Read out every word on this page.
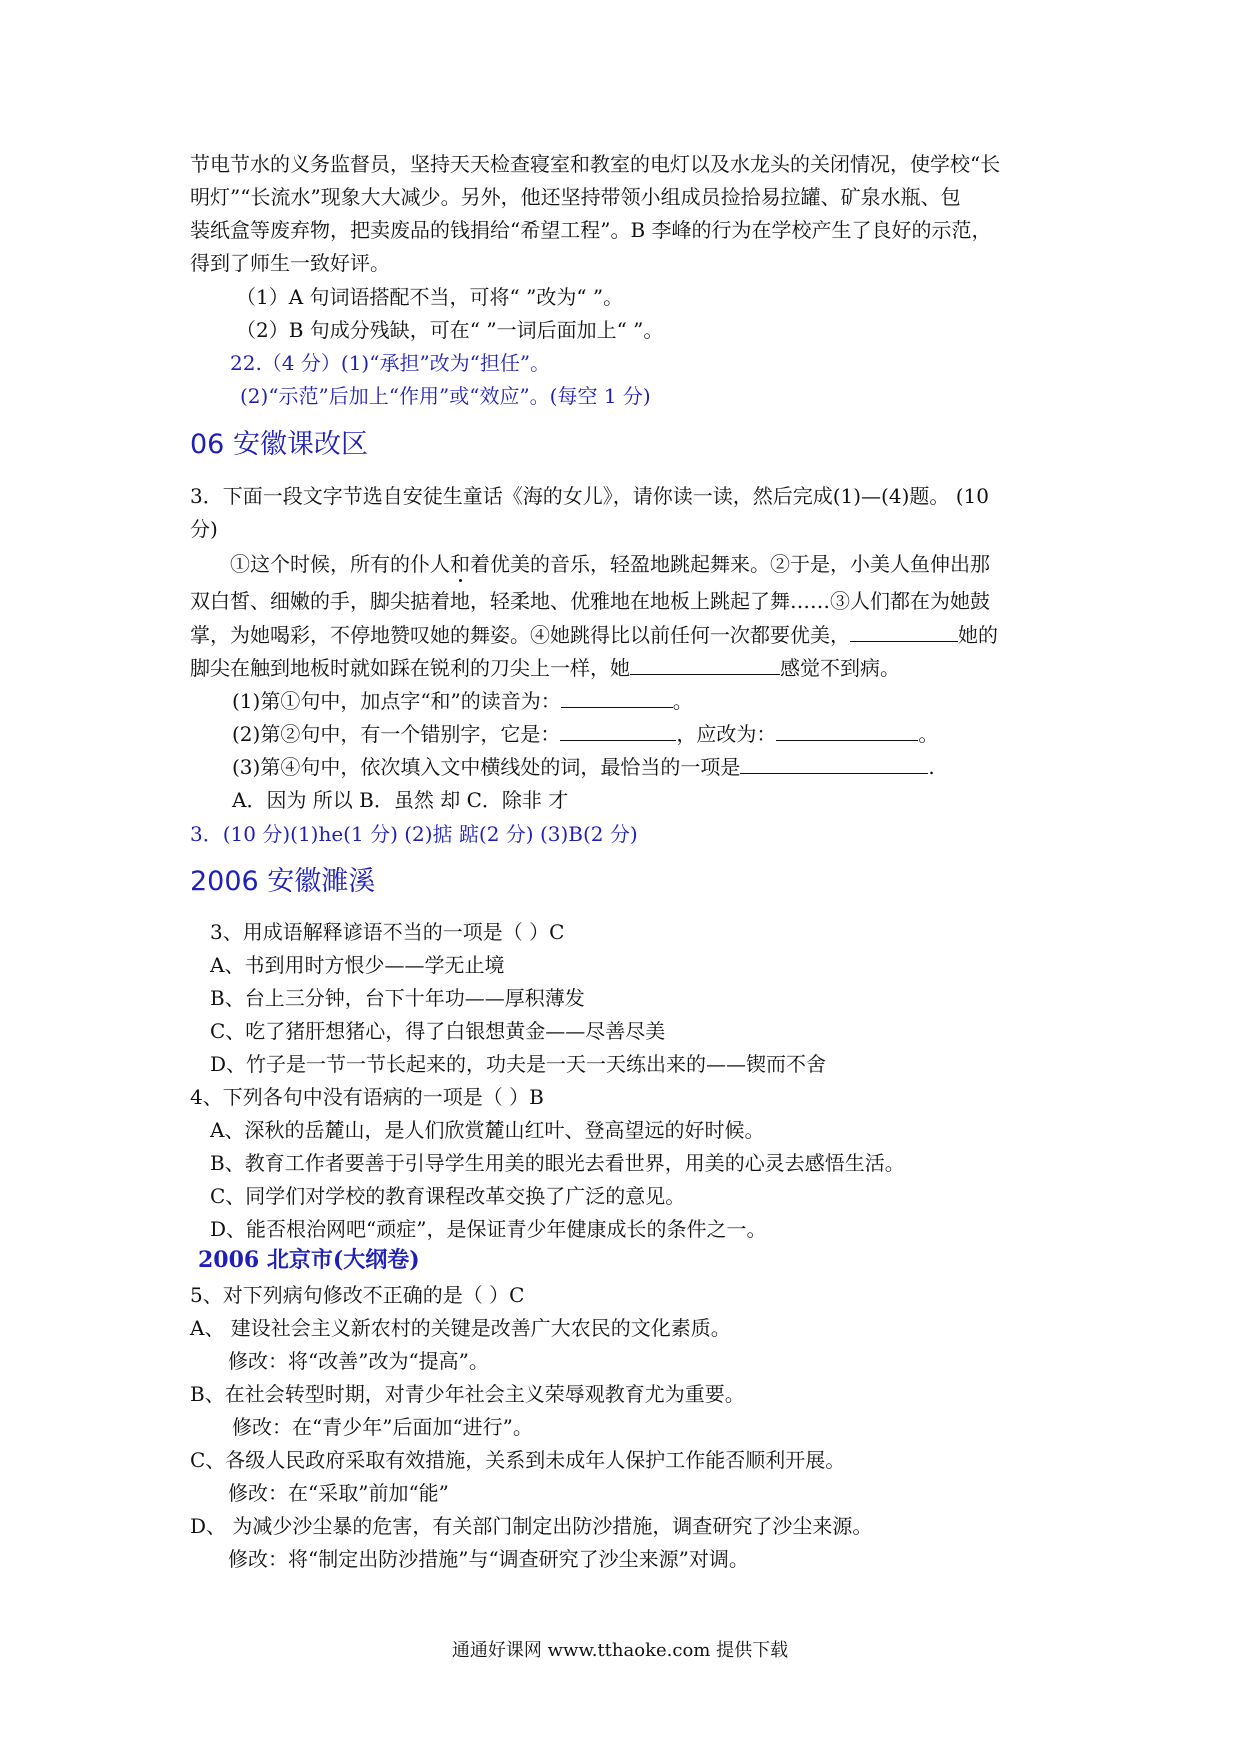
节电节水的义务监督员，坚持天天检查寝室和教室的电灯以及水龙头的关闭情况，使学校“长
明灯”“长流水”现象大大减少。另外，他还坚持带领小组成员捡拾易拉罐、矿泉水瓶、包
装纸盒等废弃物，把卖废品的钱捐给“希望工程”。B 李峰的行为在学校产生了良好的示范，
得到了师生一致好评。
（1）A 句词语搭配不当，可将“ ”改为“ ”。
（2）B 句成分残缺，可在“ ”一词后面加上“ ”。
22.（4 分）(1)“承担”改为“担任”。
(2)“示范”后加上“作用”或“效应”。(每空 1 分)
06 安徽课改区
3．下面一段文字节选自安徒生童话《海的女儿》，请你读一读，然后完成(1)—(4)题。 (10
分)
①这个时候，所有的仆人和着优美的音乐，轻盈地跳起舞来。②于是，小美人鱼伸出那
双白皙、细嫩的手，脚尖掂着地，轻柔地、优雅地在地板上跳起了舞……③人们都在为她鼓
掌，为她喝彩，不停地赞叹她的舞姿。④她跳得比以前任何一次都要优美，	她的
脚尖在触到地板时就如踩在锐利的刀尖上一样，她	感觉不到病。
(1)第①句中，加点字“和”的读音为：	。
(2)第②句中，有一个错别字，它是：	，应改为：	。
(3)第④句中，依次填入文中横线处的词，最恰当的一项是	.
A．因为 所以 B．虽然 却 C．除非 才
3．(10 分)(1)he(1 分) (2)掂 踮(2 分) (3)B(2 分)
2006 安徽濉溪
3、用成语解释谚语不当的一项是（ ）C
A、书到用时方恨少——学无止境
B、台上三分钟，台下十年功——厚积薄发
C、吃了猪肝想猪心，得了白银想黄金——尽善尽美
D、竹子是一节一节长起来的，功夫是一天一天练出来的——锲而不舍
4、下列各句中没有语病的一项是（ ）B
A、深秋的岳麓山，是人们欣赏麓山红叶、登高望远的好时候。
B、教育工作者要善于引导学生用美的眼光去看世界，用美的心灵去感悟生活。
C、同学们对学校的教育课程改革交换了广泛的意见。
D、能否根治网吧“顽症”，是保证青少年健康成长的条件之一。
2006 北京市(大纲卷)
5、对下列病句修改不正确的是（ ）C
A、 建设社会主义新农村的关键是改善广大农民的文化素质。
修改：将“改善”改为“提高”。
B、在社会转型时期，对青少年社会主义荣辱观教育尤为重要。
修改：在“青少年”后面加“进行”。
C、各级人民政府采取有效措施，关系到未成年人保护工作能否顺利开展。
修改：在“采取”前加“能”
D、 为减少沙尘暴的危害，有关部门制定出防沙措施，调查研究了沙尘来源。
修改：将“制定出防沙措施”与“调查研究了沙尘来源”对调。
通通好课网 www.tthaoke.com 提供下载
